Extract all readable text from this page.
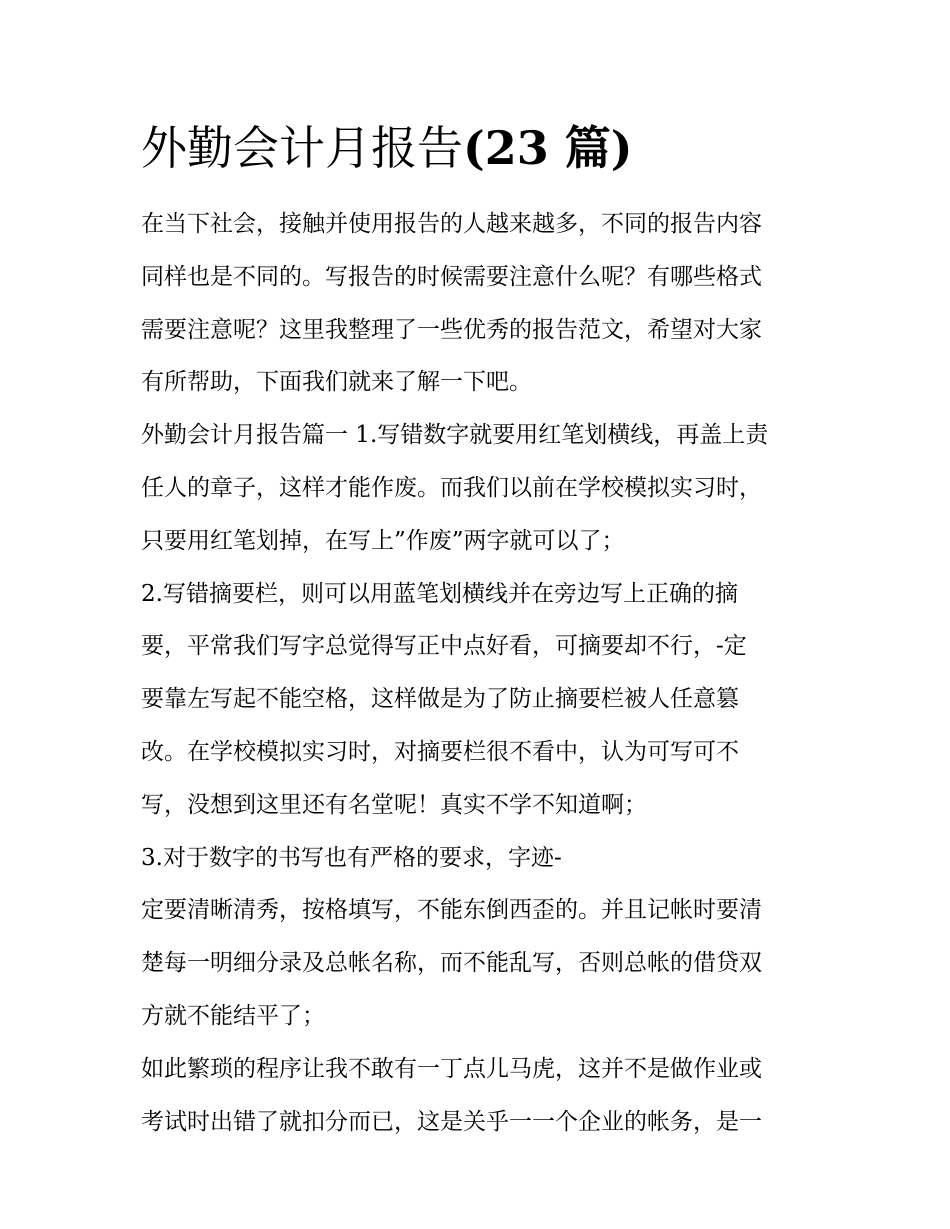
外勤会计月报告(23 篇)
在当下社会，接触并使用报告的人越来越多，不同的报告内容
同样也是不同的。写报告的时候需要注意什么呢？有哪些格式
需要注意呢？这里我整理了一些优秀的报告范文，希望对大家
有所帮助，下面我们就来了解一下吧。
外勤会计月报告篇一 1.写错数字就要用红笔划横线，再盖上责
任人的章子，这样才能作废。而我们以前在学校模拟实习时，
只要用红笔划掉，在写上”作废”两字就可以了；
2.写错摘要栏，则可以用蓝笔划横线并在旁边写上正确的摘
要，平常我们写字总觉得写正中点好看，可摘要却不行，-定
要靠左写起不能空格，这样做是为了防止摘要栏被人任意篡
改。在学校模拟实习时，对摘要栏很不看中，认为可写可不
写，没想到这里还有名堂呢！真实不学不知道啊；
3.对于数字的书写也有严格的要求，字迹-
定要清晰清秀，按格填写，不能东倒西歪的。并且记帐时要清
楚每一明细分录及总帐名称，而不能乱写，否则总帐的借贷双
方就不能结平了；
如此繁琐的程序让我不敢有一丁点儿马虎，这并不是做作业或
考试时出错了就扣分而已，这是关乎一一个企业的帐务，是一
